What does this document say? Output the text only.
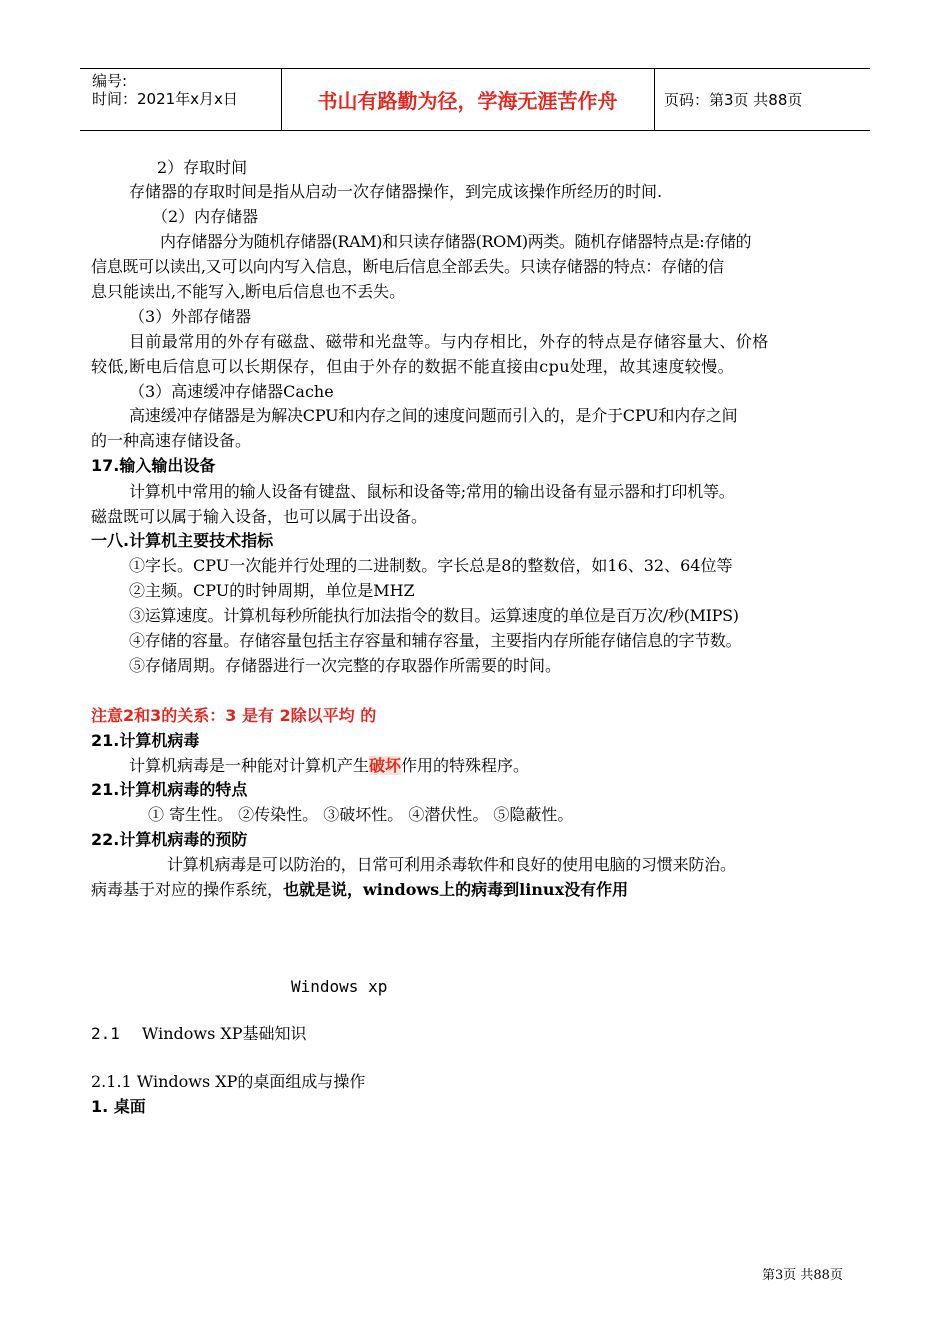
编号:
时间：2021年x月x日	书山有路勤为径，学海无涯苦作舟	页码：第3页 共88页
2）存取时间
存储器的存取时间是指从启动一次存储器操作，到完成该操作所经历的时间.
（2）内存储器
内存储器分为随机存储器(RAM)和只读存储器(ROM)两类。随机存储器特点是:存储的
信息既可以读出,又可以向内写入信息，断电后信息全部丢失。只读存储器的特点：存储的信
息只能读出,不能写入,断电后信息也不丢失。
（3）外部存储器
目前最常用的外存有磁盘、磁带和光盘等。与内存相比，外存的特点是存储容量大、价格
较低,断电后信息可以长期保存，但由于外存的数据不能直接由cpu处理，故其速度较慢。
（3）高速缓冲存储器Cache
高速缓冲存储器是为解决CPU和内存之间的速度问题而引入的，是介于CPU和内存之间
的一种高速存储设备。
17.输入输出设备
计算机中常用的输人设备有键盘、鼠标和设备等;常用的输出设备有显示器和打印机等。
磁盘既可以属于输入设备，也可以属于出设备。
一八.计算机主要技术指标
①字长。CPU一次能并行处理的二进制数。字长总是8的整数倍，如16、32、64位等
②主频。CPU的时钟周期，单位是MHZ
③运算速度。计算机每秒所能执行加法指令的数目。运算速度的单位是百万次/秒(MIPS)
④存储的容量。存储容量包括主存容量和辅存容量，主要指内存所能存储信息的字节数。
⑤存储周期。存储器进行一次完整的存取器作所需要的时间。
注意2和3的关系：3 是有 2除以平均 的
21.计算机病毒
计算机病毒是一种能对计算机产生破坏作用的特殊程序。
21.计算机病毒的特点
① 寄生性。 ②传染性。 ③破坏性。 ④潜伏性。 ⑤隐蔽性。
22.计算机病毒的预防
计算机病毒是可以防治的，日常可利用杀毒软件和良好的使用电脑的习惯来防治。
病毒基于对应的操作系统，也就是说，windows上的病毒到linux没有作用
Windows xp
2.1 Windows XP基础知识
2.1.1 Windows XP的桌面组成与操作
1. 桌面
第3页 共88页
